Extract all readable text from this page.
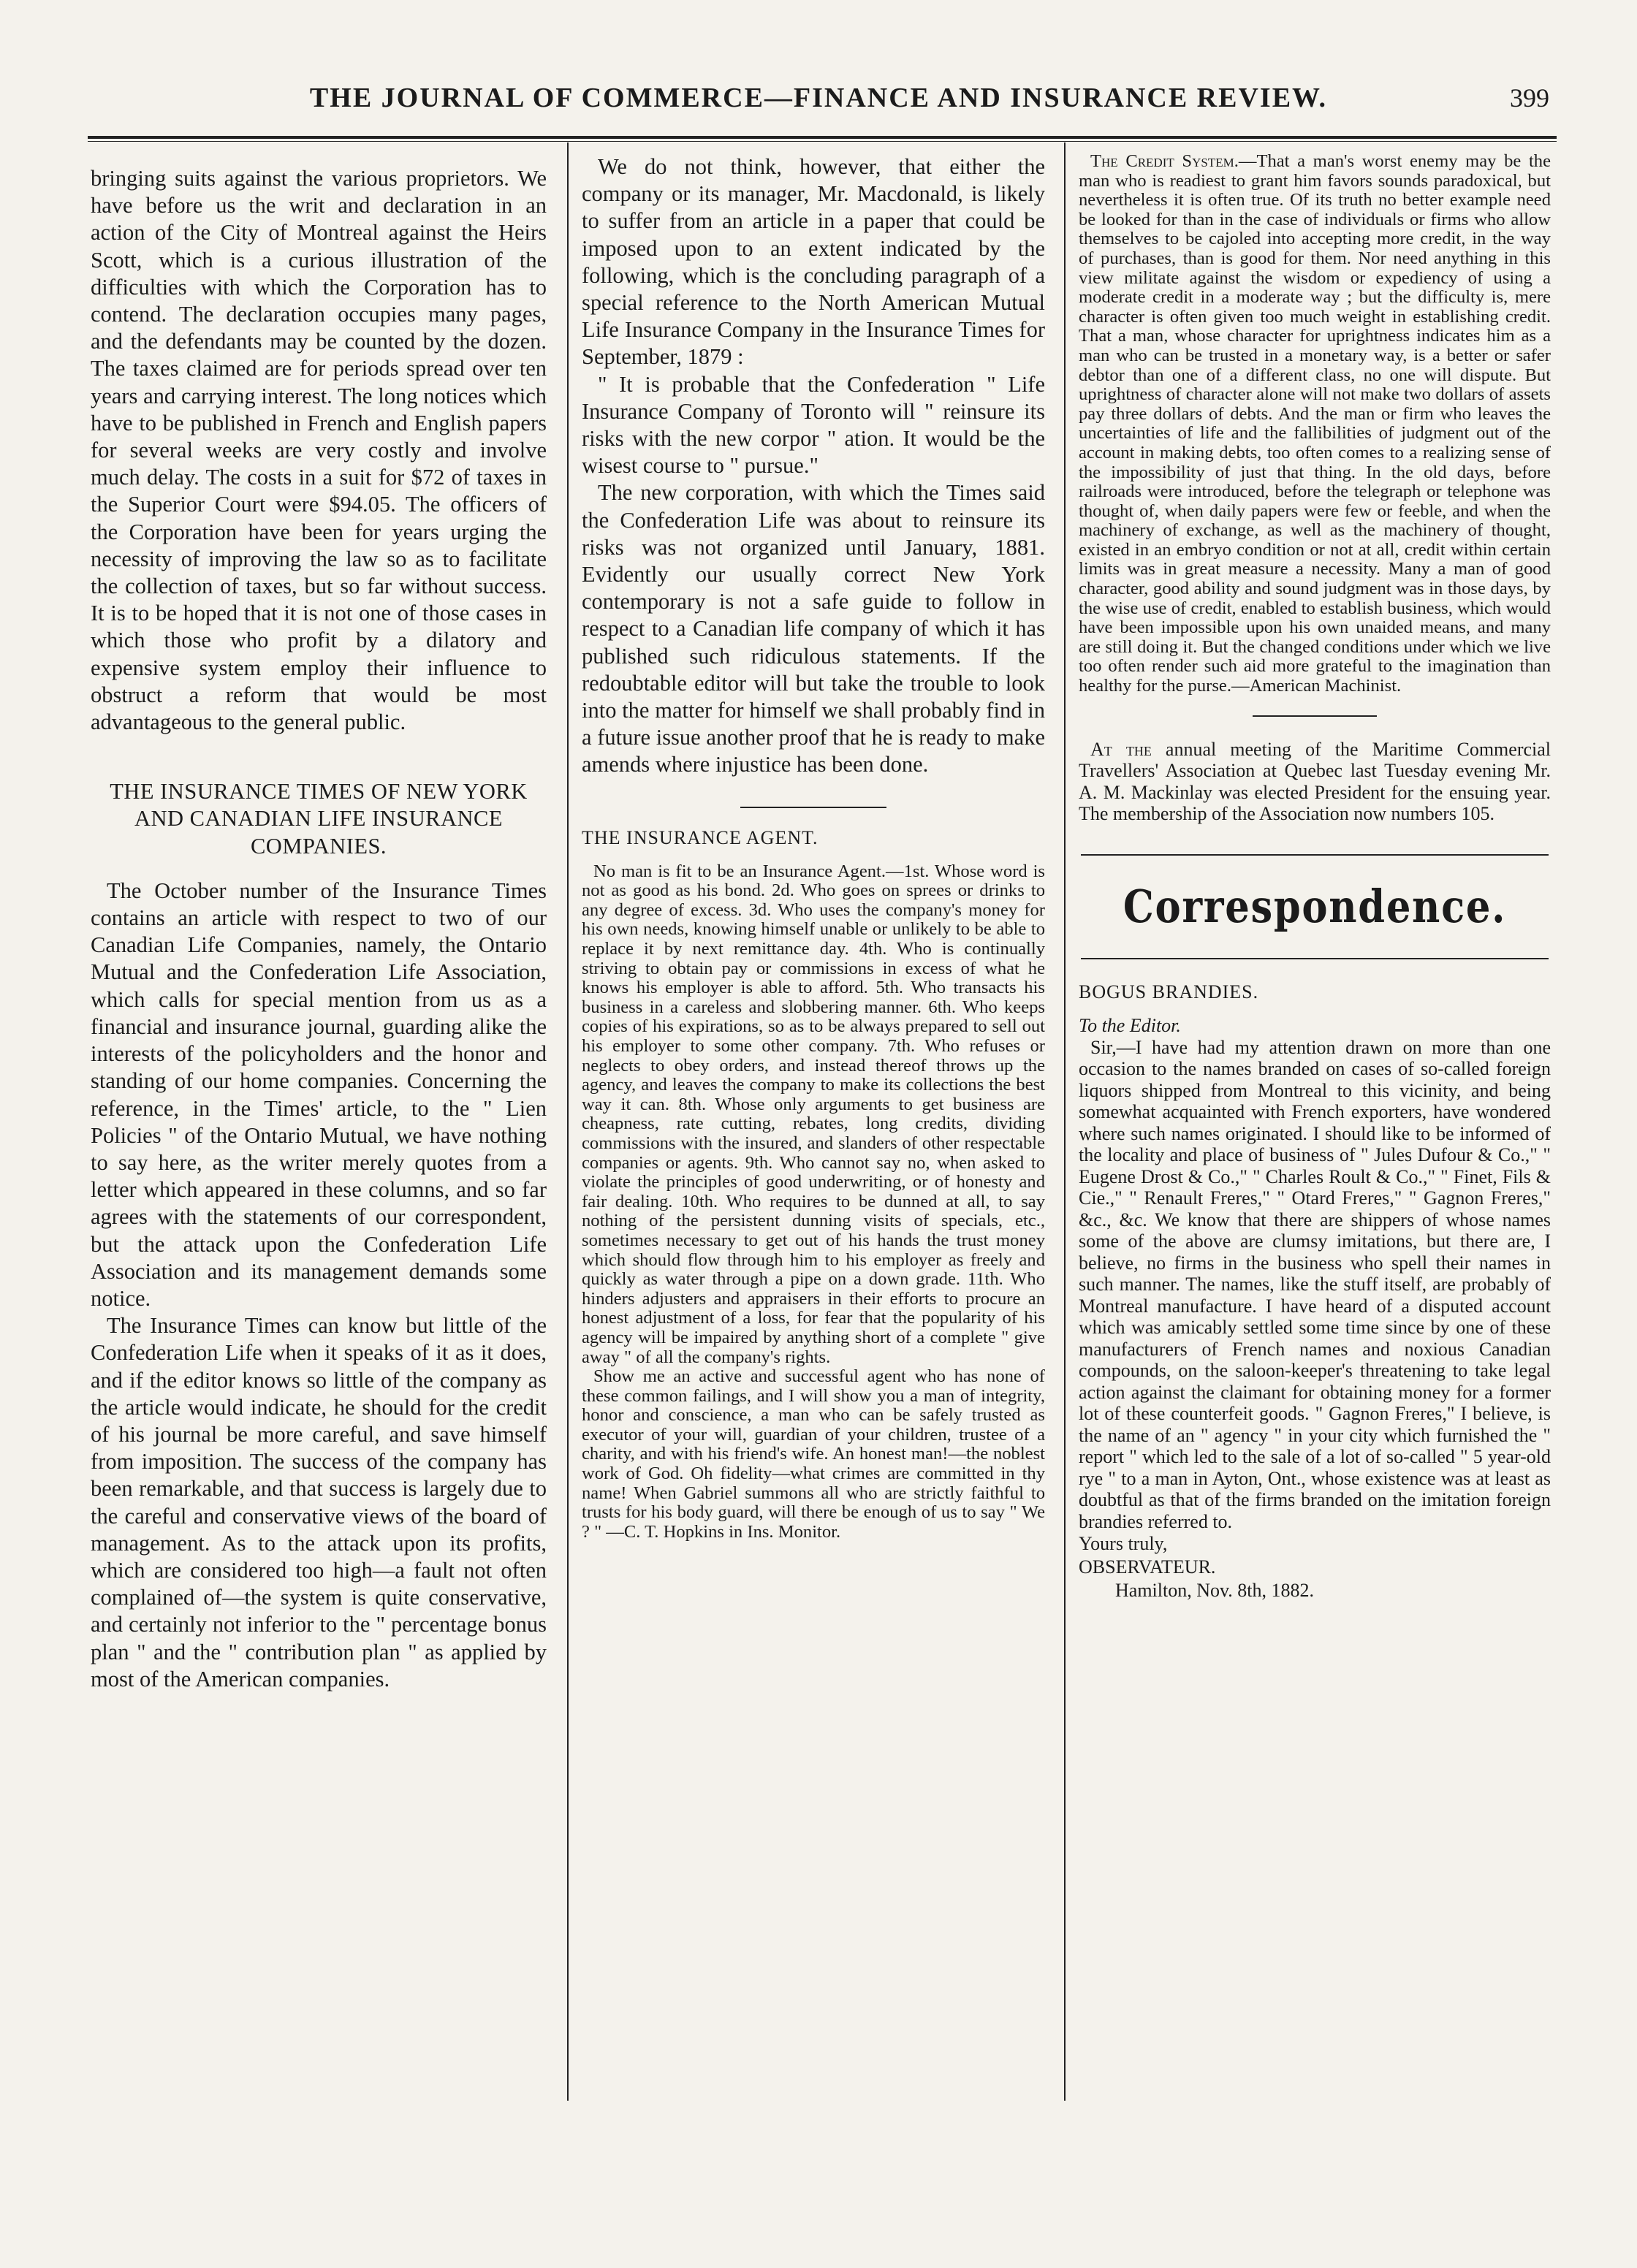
THE JOURNAL OF COMMERCE—FINANCE AND INSURANCE REVIEW.	399

bringing suits against the various proprietors. We have before us the writ and declaration in an action of the City of Montreal against the Heirs Scott, which is a curious illustration of the difficulties with which the Corporation has to contend. The declaration occupies many pages, and the defendants may be counted by the dozen. The taxes claimed are for periods spread over ten years and carrying interest. The long notices which have to be published in French and English papers for several weeks are very costly and involve much delay. The costs in a suit for $72 of taxes in the Superior Court were $94.05. The officers of the Corporation have been for years urging the necessity of improving the law so as to facilitate the collection of taxes, but so far without success. It is to be hoped that it is not one of those cases in which those who profit by a dilatory and expensive system employ their influence to obstruct a reform that would be most advantageous to the general public.

THE INSURANCE TIMES OF NEW YORK AND CANADIAN LIFE INSURANCE COMPANIES.

The October number of the Insurance Times contains an article with respect to two of our Canadian Life Companies, namely, the Ontario Mutual and the Confederation Life Association, which calls for special mention from us as a financial and insurance journal, guarding alike the interests of the policyholders and the honor and standing of our home companies. Concerning the reference, in the Times' article, to the " Lien Policies " of the Ontario Mutual, we have nothing to say here, as the writer merely quotes from a letter which appeared in these columns, and so far agrees with the statements of our correspondent, but the attack upon the Confederation Life Association and its management demands some notice.

The Insurance Times can know but little of the Confederation Life when it speaks of it as it does, and if the editor knows so little of the company as the article would indicate, he should for the credit of his journal be more careful, and save himself from imposition. The success of the company has been remarkable, and that success is largely due to the careful and conservative views of the board of management. As to the attack upon its profits, which are considered too high—a fault not often complained of—the system is quite conservative, and certainly not inferior to the " percentage bonus plan " and the " contribution plan " as applied by most of the American companies.

We do not think, however, that either the company or its manager, Mr. Macdonald, is likely to suffer from an article in a paper that could be imposed upon to an extent indicated by the following, which is the concluding paragraph of a special reference to the North American Mutual Life Insurance Company in the Insurance Times for September, 1879 :

" It is probable that the Confederation " Life Insurance Company of Toronto will " reinsure its risks with the new corpor " ation. It would be the wisest course to " pursue."

The new corporation, with which the Times said the Confederation Life was about to reinsure its risks was not organized until January, 1881. Evidently our usually correct New York contemporary is not a safe guide to follow in respect to a Canadian life company of which it has published such ridiculous statements. If the redoubtable editor will but take the trouble to look into the matter for himself we shall probably find in a future issue another proof that he is ready to make amends where injustice has been done.

THE INSURANCE AGENT.

No man is fit to be an Insurance Agent.—1st. Whose word is not as good as his bond. 2d. Who goes on sprees or drinks to any degree of excess. 3d. Who uses the company's money for his own needs, knowing himself unable or unlikely to be able to replace it by next remittance day. 4th. Who is continually striving to obtain pay or commissions in excess of what he knows his employer is able to afford. 5th. Who transacts his business in a careless and slobbering manner. 6th. Who keeps copies of his expirations, so as to be always prepared to sell out his employer to some other company. 7th. Who refuses or neglects to obey orders, and instead thereof throws up the agency, and leaves the company to make its collections the best way it can. 8th. Whose only arguments to get business are cheapness, rate cutting, rebates, long credits, dividing commissions with the insured, and slanders of other respectable companies or agents. 9th. Who cannot say no, when asked to violate the principles of good underwriting, or of honesty and fair dealing. 10th. Who requires to be dunned at all, to say nothing of the persistent dunning visits of specials, etc., sometimes necessary to get out of his hands the trust money which should flow through him to his employer as freely and quickly as water through a pipe on a down grade. 11th. Who hinders adjusters and appraisers in their efforts to procure an honest adjustment of a loss, for fear that the popularity of his agency will be impaired by anything short of a complete " give away " of all the company's rights.

Show me an active and successful agent who has none of these common failings, and I will show you a man of integrity, honor and conscience, a man who can be safely trusted as executor of your will, guardian of your children, trustee of a charity, and with his friend's wife. An honest man!—the noblest work of God. Oh fidelity—what crimes are committed in thy name! When Gabriel summons all who are strictly faithful to trusts for his body guard, will there be enough of us to say " We ? " —C. T. Hopkins in Ins. Monitor.

The Credit System.—That a man's worst enemy may be the man who is readiest to grant him favors sounds paradoxical, but nevertheless it is often true. Of its truth no better example need be looked for than in the case of individuals or firms who allow themselves to be cajoled into accepting more credit, in the way of purchases, than is good for them. Nor need anything in this view militate against the wisdom or expediency of using a moderate credit in a moderate way ; but the difficulty is, mere character is often given too much weight in establishing credit. That a man, whose character for uprightness indicates him as a man who can be trusted in a monetary way, is a better or safer debtor than one of a different class, no one will dispute. But uprightness of character alone will not make two dollars of assets pay three dollars of debts. And the man or firm who leaves the uncertainties of life and the fallibilities of judgment out of the account in making debts, too often comes to a realizing sense of the impossibility of just that thing. In the old days, before railroads were introduced, before the telegraph or telephone was thought of, when daily papers were few or feeble, and when the machinery of exchange, as well as the machinery of thought, existed in an embryo condition or not at all, credit within certain limits was in great measure a necessity. Many a man of good character, good ability and sound judgment was in those days, by the wise use of credit, enabled to establish business, which would have been impossible upon his own unaided means, and many are still doing it. But the changed conditions under which we live too often render such aid more grateful to the imagination than healthy for the purse.—American Machinist.

At the annual meeting of the Maritime Commercial Travellers' Association at Quebec last Tuesday evening Mr. A. M. Mackinlay was elected President for the ensuing year. The membership of the Association now numbers 105.

Correspondence.

BOGUS BRANDIES.

To the Editor.

Sir,—I have had my attention drawn on more than one occasion to the names branded on cases of so-called foreign liquors shipped from Montreal to this vicinity, and being somewhat acquainted with French exporters, have wondered where such names originated. I should like to be informed of the locality and place of business of " Jules Dufour & Co.," " Eugene Drost & Co.," " Charles Roult & Co.," " Finet, Fils & Cie.," " Renault Freres," " Otard Freres," " Gagnon Freres," &c., &c. We know that there are shippers of whose names some of the above are clumsy imitations, but there are, I believe, no firms in the business who spell their names in such manner. The names, like the stuff itself, are probably of Montreal manufacture. I have heard of a disputed account which was amicably settled some time since by one of these manufacturers of French names and noxious Canadian compounds, on the saloon-keeper's threatening to take legal action against the claimant for obtaining money for a former lot of these counterfeit goods. " Gagnon Freres," I believe, is the name of an " agency " in your city which furnished the " report " which led to the sale of a lot of so-called " 5 year-old rye " to a man in Ayton, Ont., whose existence was at least as doubtful as that of the firms branded on the imitation foreign brandies referred to.

Yours truly,

OBSERVATEUR.

Hamilton, Nov. 8th, 1882.
